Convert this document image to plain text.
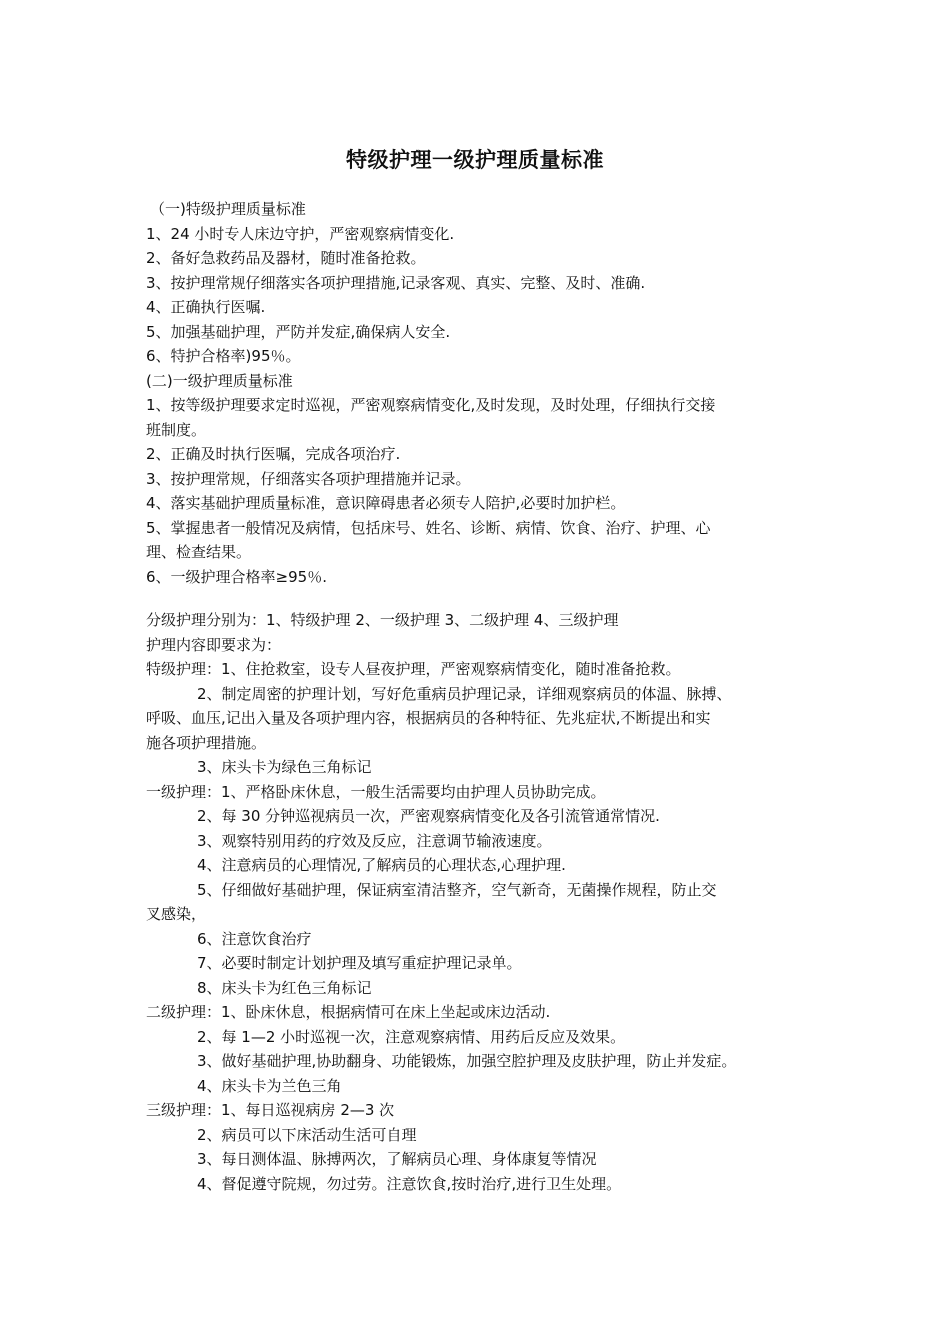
特级护理一级护理质量标准
（一)特级护理质量标准
1、24 小时专人床边守护，严密观察病情变化.
2、备好急救药品及器材，随时准备抢救。
3、按护理常规仔细落实各项护理措施,记录客观、真实、完整、及时、准确.
4、正确执行医嘱.
5、加强基础护理，严防并发症,确保病人安全.
6、特护合格率)95％。
(二)一级护理质量标准
1、按等级护理要求定时巡视，严密观察病情变化,及时发现，及时处理，仔细执行交接
班制度。
2、正确及时执行医嘱，完成各项治疗.
3、按护理常规，仔细落实各项护理措施并记录。
4、落实基础护理质量标准，意识障碍患者必须专人陪护,必要时加护栏。
5、掌握患者一般情况及病情，包括床号、姓名、诊断、病情、饮食、治疗、护理、心
理、检查结果。
6、一级护理合格率≥95％.
分级护理分别为：1、特级护理 2、一级护理 3、二级护理 4、三级护理
护理内容即要求为：
特级护理：1、住抢救室，设专人昼夜护理，严密观察病情变化，随时准备抢救。
2、制定周密的护理计划，写好危重病员护理记录，详细观察病员的体温、脉搏、
呼吸、血压,记出入量及各项护理内容，根据病员的各种特征、先兆症状,不断提出和实
施各项护理措施。
3、床头卡为绿色三角标记
一级护理：1、严格卧床休息，一般生活需要均由护理人员协助完成。
2、每 30 分钟巡视病员一次，严密观察病情变化及各引流管通常情况.
3、观察特别用药的疗效及反应，注意调节输液速度。
4、注意病员的心理情况,了解病员的心理状态,心理护理.
5、仔细做好基础护理，保证病室清洁整齐，空气新奇，无菌操作规程，防止交
叉感染，
6、注意饮食治疗
7、必要时制定计划护理及填写重症护理记录单。
8、床头卡为红色三角标记
二级护理：1、卧床休息，根据病情可在床上坐起或床边活动.
2、每 1—2 小时巡视一次，注意观察病情、用药后反应及效果。
3、做好基础护理,协助翻身、功能锻炼，加强空腔护理及皮肤护理，防止并发症。
4、床头卡为兰色三角
三级护理：1、每日巡视病房 2—3 次
2、病员可以下床活动生活可自理
3、每日测体温、脉搏两次，了解病员心理、身体康复等情况
4、督促遵守院规，勿过劳。注意饮食,按时治疗,进行卫生处理。
